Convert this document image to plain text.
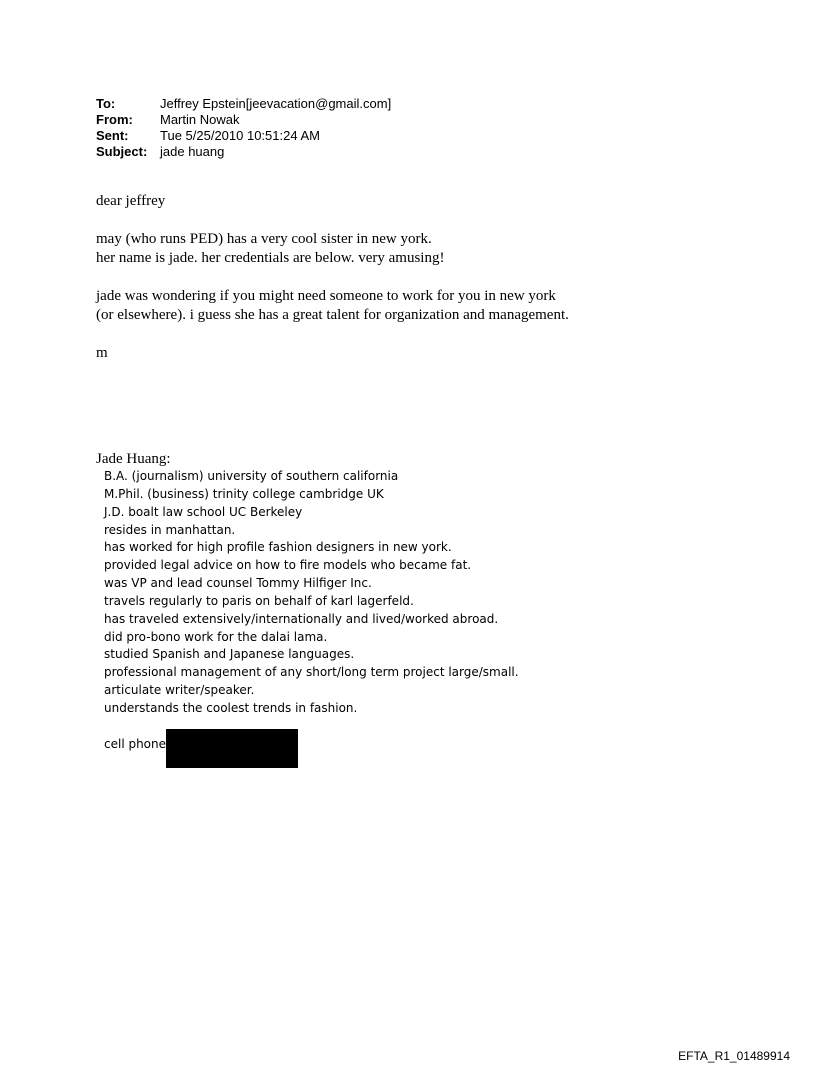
To:	Jeffrey Epstein[jeevacation@gmail.com]
From:	Martin Nowak
Sent:	Tue 5/25/2010 10:51:24 AM
Subject: jade huang

dear jeffrey

may (who runs PED) has a very cool sister in new york.

her name is jade. her credentials are below. very amusing!

jade was wondering if you might need someone to work for you in new york

(or elsewhere). i guess she has a great talent for organization and management.

m

Jade Huang:

B.A. (journalism) university of southern california
M.Phil. (business) trinity college cambridge UK
J.D. boalt law school UC Berkeley
resides in manhattan.
has worked for high profile fashion designers in new york.
provided legal advice on how to fire models who became fat.
was VP and lead counsel Tommy Hilfiger Inc.
travels regularly to paris on behalf of karl lagerfeld.
has traveled extensively/internationally and lived/worked abroad.
did pro-bono work for the dalai lama.
studied Spanish and Japanese languages.
professional management of any short/long term project large/small.
articulate writer/speaker.
understands the coolest trends in fashion.
cell phone
EFTA_R1_01489914
